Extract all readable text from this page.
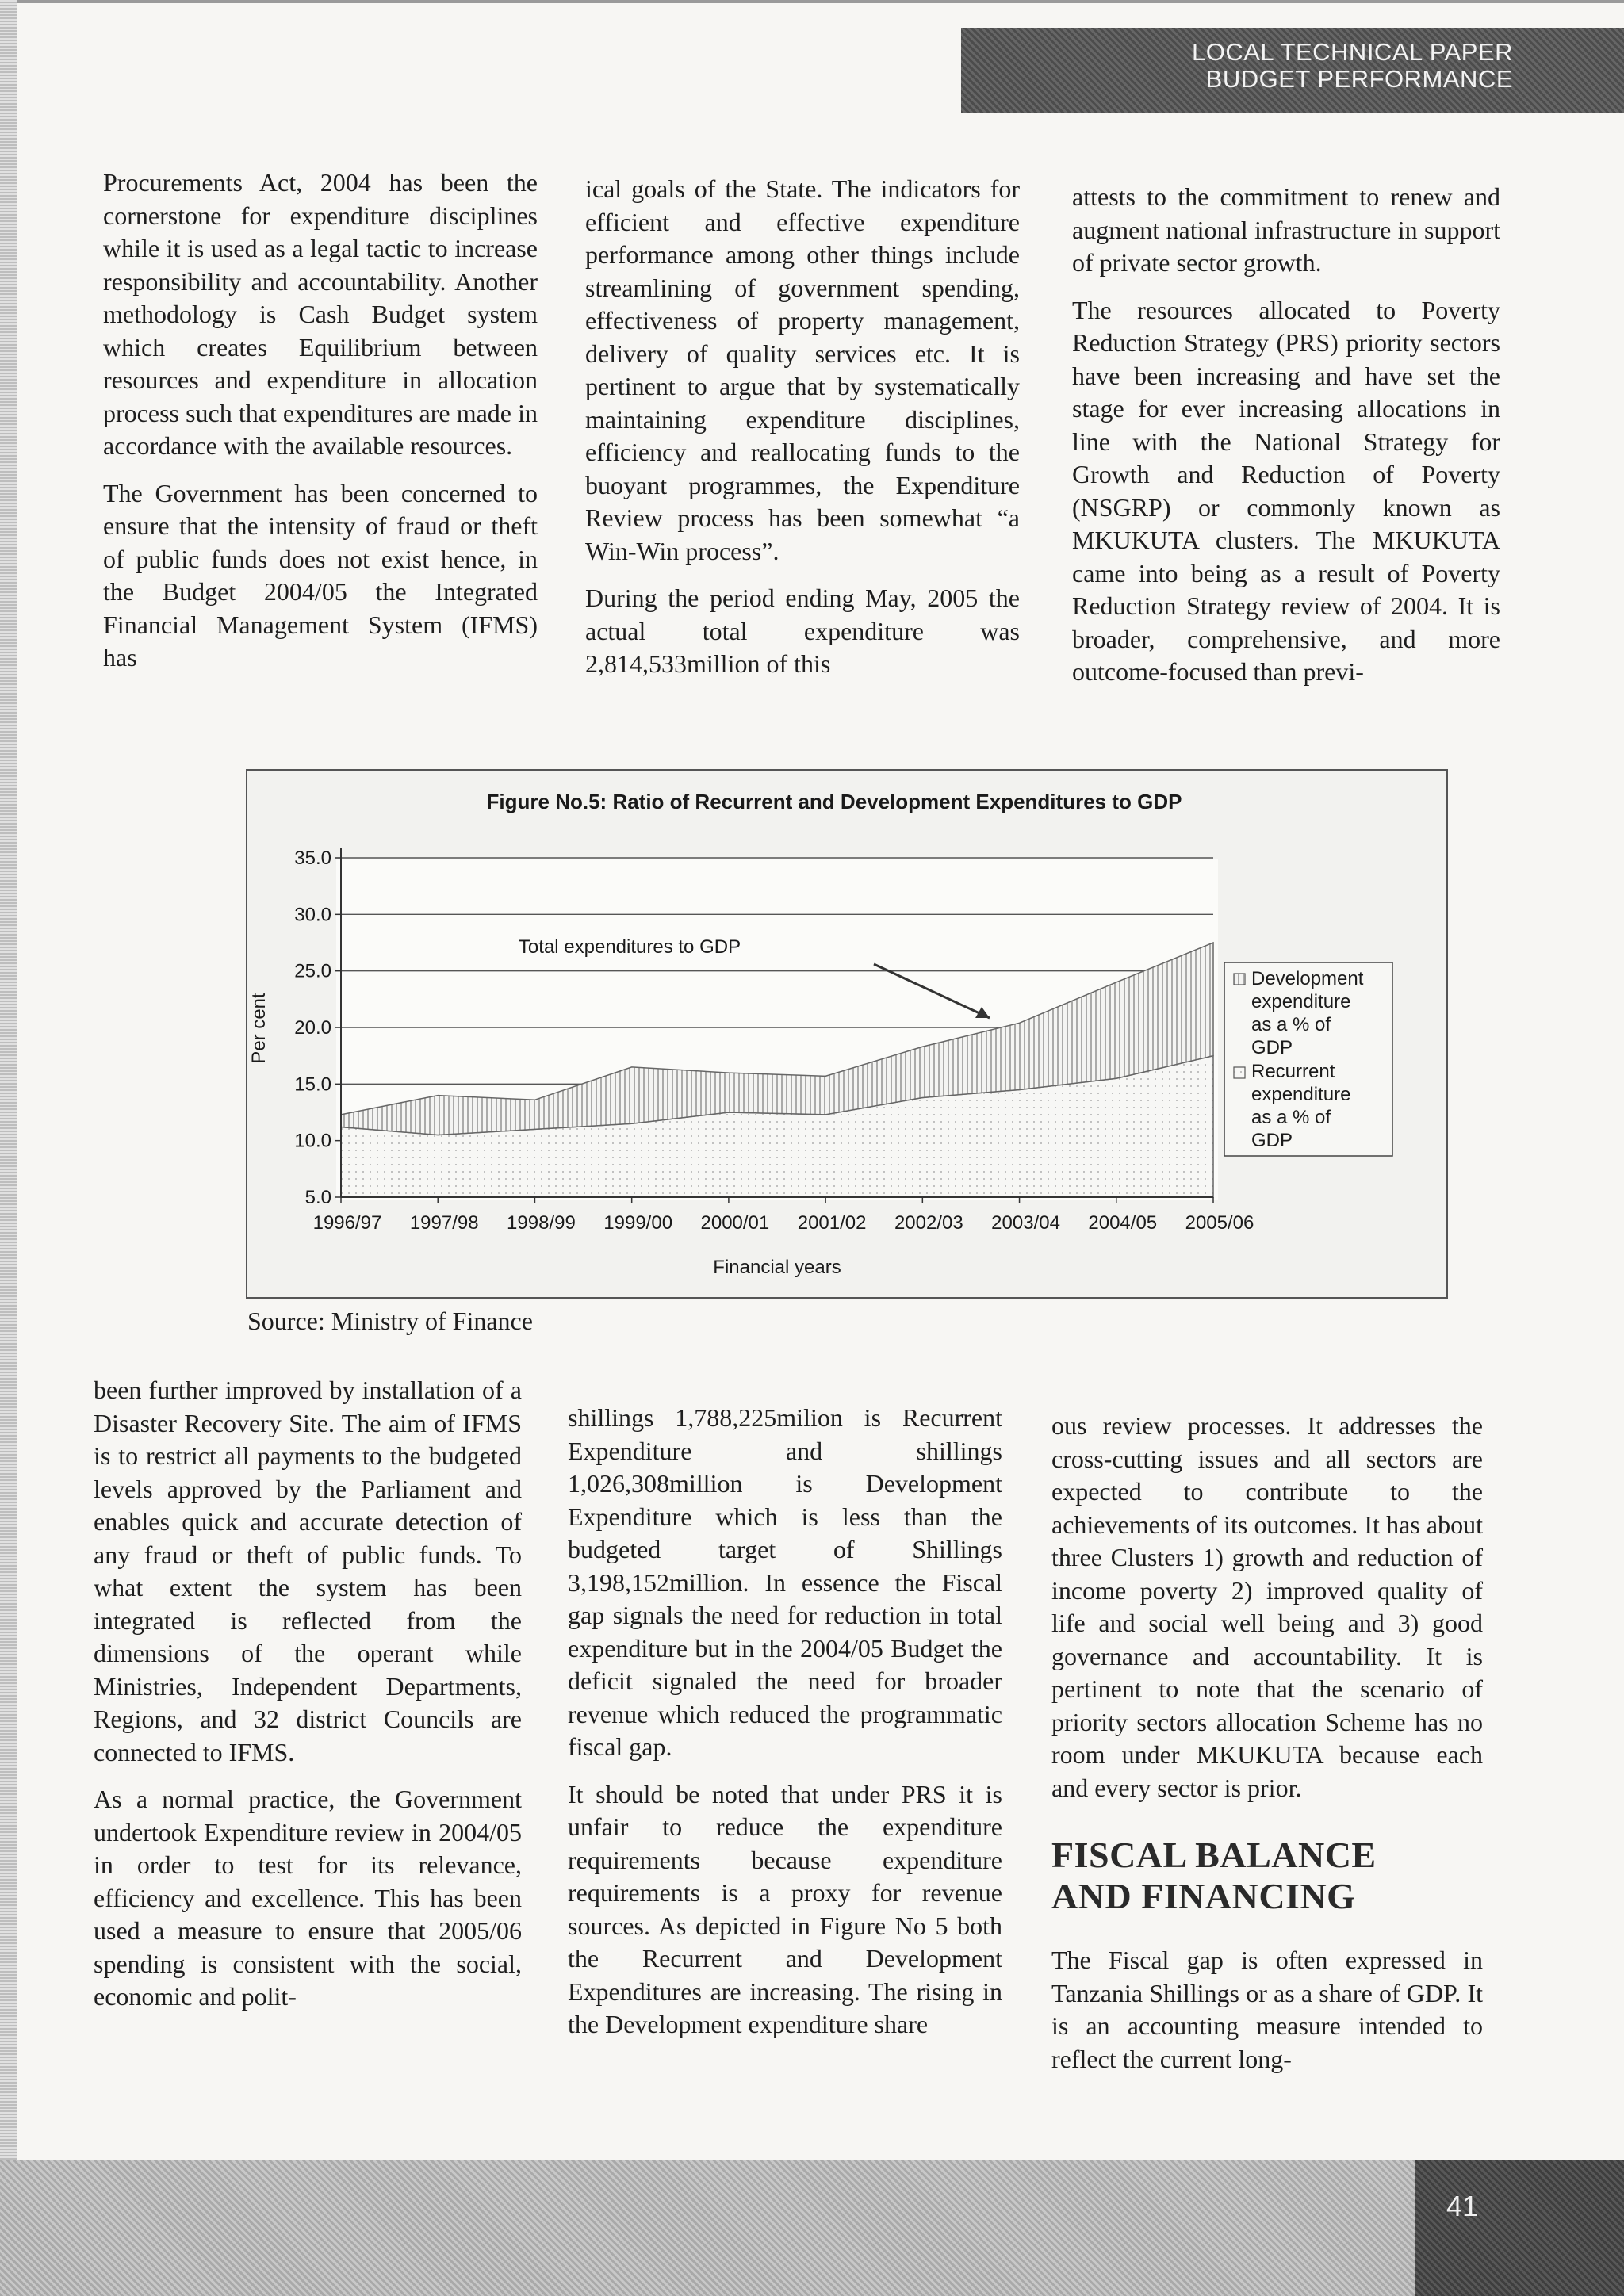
LOCAL TECHNICAL PAPER
BUDGET PERFORMANCE

Procurements Act, 2004 has been the cornerstone for expenditure disciplines while it is used as a legal tactic to increase responsibility and accountability. Another methodology is Cash Budget system which creates Equilibrium between resources and expenditure in allocation process such that expenditures are made in accordance with the available resources.

The Government has been concerned to ensure that the intensity of fraud or theft of public funds does not exist hence, in the Budget 2004/05 the Integrated Financial Management System (IFMS) has

ical goals of the State. The indicators for efficient and effective expenditure performance among other things include streamlining of government spending, effectiveness of property management, delivery of quality services etc. It is pertinent to argue that by systematically maintaining expenditure disciplines, efficiency and reallocating funds to the buoyant programmes, the Expenditure Review process has been somewhat “a Win-Win process”.

During the period ending May, 2005 the actual total expenditure was 2,814,533million of this

attests to the commitment to renew and augment national infrastructure in support of private sector growth.

The resources allocated to Poverty Reduction Strategy (PRS) priority sectors have been increasing and have set the stage for ever increasing allocations in line with the National Strategy for Growth and Reduction of Poverty (NSGRP) or commonly known as MKUKUTA clusters. The MKUKUTA came into being as a result of Poverty Reduction Strategy review of 2004. It is broader, comprehensive, and more outcome-focused than previ-

Figure No.5: Ratio of Recurrent and Development Expenditures to GDP
5.0
10.0
15.0
20.0
25.0
30.0
35.0
1996/97 1997/98 1998/99 1999/00 2000/01 2001/02 2002/03 2003/04 2004/05 2005/06
Per cent
Financial years
Total expenditures to GDP
Development
expenditure
as a % of
GDP
Recurrent
expenditure
as a % of
GDP
Source: Ministry of Finance

been further improved by installation of a Disaster Recovery Site. The aim of IFMS is to restrict all payments to the budgeted levels approved by the Parliament and enables quick and accurate detection of any fraud or theft of public funds. To what extent the system has been integrated is reflected from the dimensions of the operant while Ministries, Independent Departments, Regions, and 32 district Councils are connected to IFMS.

As a normal practice, the Government undertook Expenditure review in 2004/05 in order to test for its relevance, efficiency and excellence. This has been used a measure to ensure that 2005/06 spending is consistent with the social, economic and polit-

shillings 1,788,225milion is Recurrent Expenditure and shillings 1,026,308million is Development Expenditure which is less than the budgeted target of Shillings 3,198,152million. In essence the Fiscal gap signals the need for reduction in total expenditure but in the 2004/05 Budget the deficit signaled the need for broader revenue which reduced the programmatic fiscal gap.

It should be noted that under PRS it is unfair to reduce the expenditure requirements because expenditure requirements is a proxy for revenue sources. As depicted in Figure No 5 both the Recurrent and Development Expenditures are increasing. The rising in the Development expenditure share

ous review processes. It addresses the cross-cutting issues and all sectors are expected to contribute to the achievements of its outcomes. It has about three Clusters 1) growth and reduction of income poverty 2) improved quality of life and social well being and 3) good governance and accountability. It is pertinent to note that the scenario of priority sectors allocation Scheme has no room under MKUKUTA because each and every sector is prior.

FISCAL BALANCE
AND FINANCING

The Fiscal gap is often expressed in Tanzania Shillings or as a share of GDP. It is an accounting measure intended to reflect the current long-

41
